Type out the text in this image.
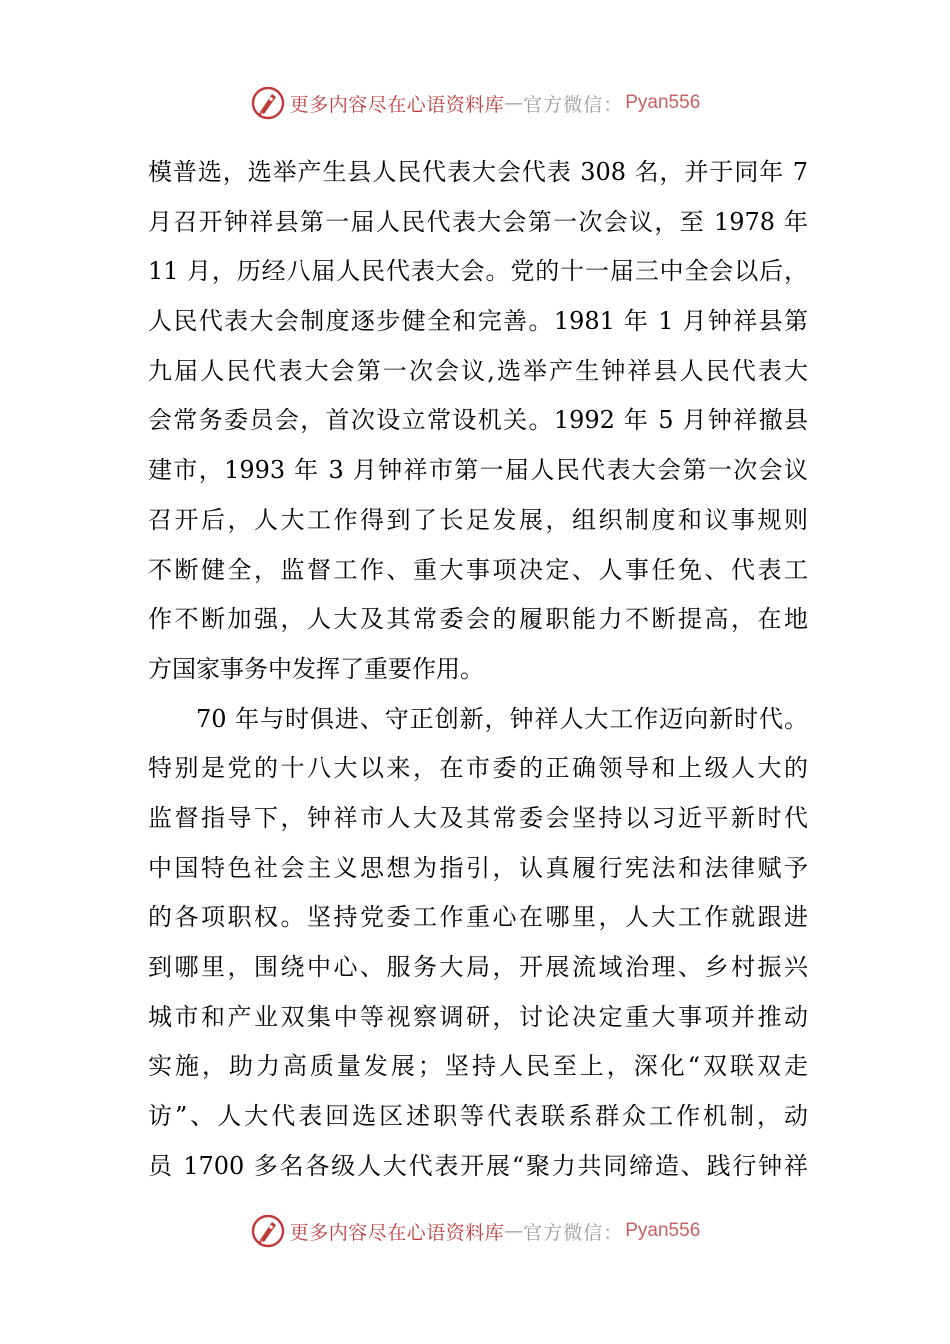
更多内容尽在心语资料库 — 官方微信： Pyan556
模普选，选举产生县人民代表大会代表 308 名，并于同年 7
月召开钟祥县第一届人民代表大会第一次会议，至 1978 年
11 月，历经八届人民代表大会。党的十一届三中全会以后，
人民代表大会制度逐步健全和完善。1981 年 1 月钟祥县第
九届人民代表大会第一次会议,选举产生钟祥县人民代表大
会常务委员会，首次设立常设机关。1992 年 5 月钟祥撤县
建市，1993 年 3 月钟祥市第一届人民代表大会第一次会议
召开后，人大工作得到了长足发展，组织制度和议事规则
不断健全，监督工作、重大事项决定、人事任免、代表工
作不断加强，人大及其常委会的履职能力不断提高，在地
方国家事务中发挥了重要作用。
70 年与时俱进、守正创新，钟祥人大工作迈向新时代。
特别是党的十八大以来，在市委的正确领导和上级人大的
监督指导下，钟祥市人大及其常委会坚持以习近平新时代
中国特色社会主义思想为指引，认真履行宪法和法律赋予
的各项职权。坚持党委工作重心在哪里，人大工作就跟进
到哪里，围绕中心、服务大局，开展流域治理、乡村振兴
城市和产业双集中等视察调研，讨论决定重大事项并推动
实施，助力高质量发展；坚持人民至上，深化“双联双走
访”、人大代表回选区述职等代表联系群众工作机制，动
员 1700 多名各级人大代表开展“聚力共同缔造、践行钟祥
更多内容尽在心语资料库 — 官方微信： Pyan556
